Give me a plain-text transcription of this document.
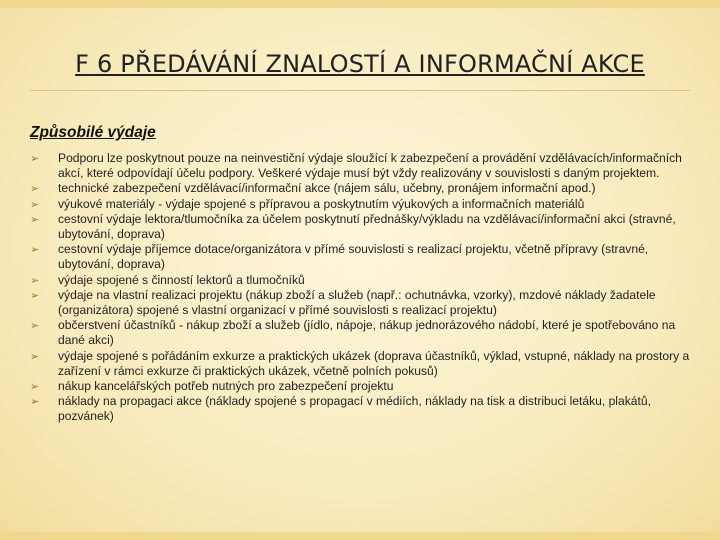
F 6 PŘEDÁVÁNÍ ZNALOSTÍ A INFORMAČNÍ AKCE
Způsobilé výdaje
➢ Podporu lze poskytnout pouze na neinvestiční výdaje sloužící k zabezpečení a provádění vzdělávacích/informačních akcí, které odpovídají účelu podpory. Veškeré výdaje musí být vždy realizovány v souvislosti s daným projektem.
➢ technické zabezpečení vzdělávací/informační akce (nájem sálu, učebny, pronájem informační apod.)
➢ výukové materiály - výdaje spojené s přípravou a poskytnutím výukových a informačních materiálů
➢ cestovní výdaje lektora/tlumočníka za účelem poskytnutí přednášky/výkladu na vzdělávací/informační akci (stravné, ubytování, doprava)
➢ cestovní výdaje příjemce dotace/organizátora v přímé souvislosti s realizací projektu, včetně přípravy (stravné, ubytování, doprava)
➢ výdaje spojené s činností lektorů a tlumočníků
➢ výdaje na vlastní realizaci projektu (nákup zboží a služeb (např.: ochutnávka, vzorky), mzdové náklady žadatele (organizátora) spojené s vlastní organizací v přímé souvislosti s realizací projektu)
➢ občerstvení účastníků - nákup zboží a služeb (jídlo, nápoje, nákup jednorázového nádobí, které je spotřebováno na dané akci)
➢ výdaje spojené s pořádáním exkurze a praktických ukázek (doprava účastníků, výklad, vstupné, náklady na prostory a zařízení v rámci exkurze či praktických ukázek, včetně polních pokusů)
➢ nákup kancelářských potřeb nutných pro zabezpečení projektu
➢ náklady na propagaci akce (náklady spojené s propagací v médiích, náklady na tisk a distribuci letáku, plakátů, pozvánek)
